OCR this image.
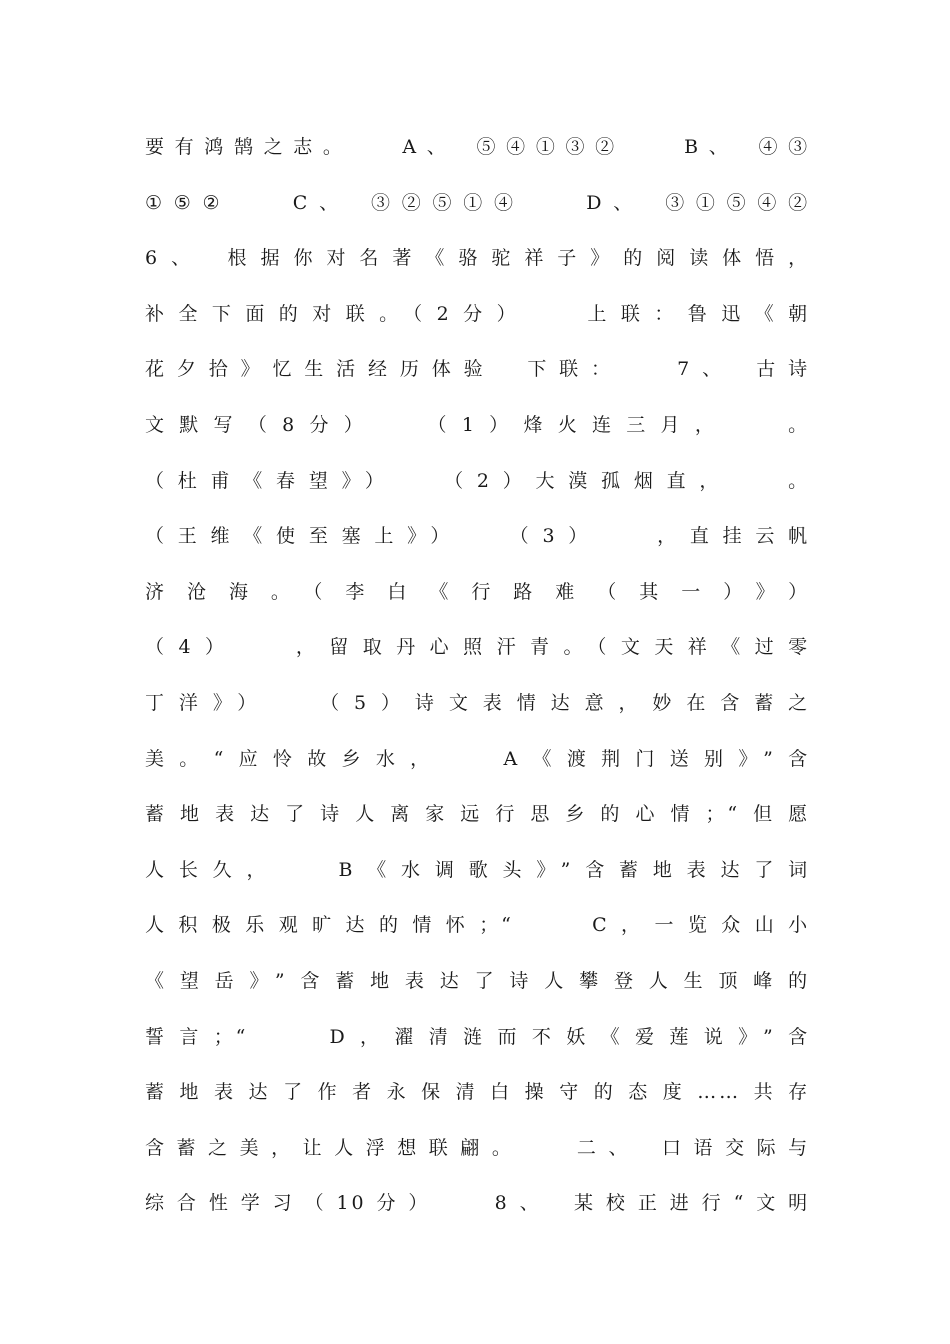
要有鸿鹄之志。　　A、　⑤④①③②　　B、　④③
①⑤②　　C、　③②⑤①④　　D、　③①⑤④②
6、　根据你对名著《骆驼祥子》的阅读体悟，
补全下面的对联。（2分）　　上联：鲁迅《朝
花夕拾》忆生活经历体验　下联：　　7、　古诗
文默写（8分）　　（1）烽火连三月，　　。
（杜甫《春望》）　　（2）大漠孤烟直，　　。
（王维《使至塞上》）　　（3）　　，直挂云帆
济沧海。（李白《行路难（其一）》）
（4）　　，留取丹心照汗青。（文天祥《过零
丁洋》）　　（5）诗文表情达意，妙在含蓄之
美。“应怜故乡水，　　A《渡荆门送别》”含
蓄地表达了诗人离家远行思乡的心情；“但愿
人长久，　　B《水调歌头》”含蓄地表达了词
人积极乐观旷达的情怀；“　　C，一览众山小
《望岳》”含蓄地表达了诗人攀登人生顶峰的
誓言；“　　D，濯清涟而不妖《爱莲说》”含
蓄地表达了作者永保清白操守的态度……共存
含蓄之美，让人浮想联翩。　　二、　口语交际与
综合性学习（10分）　　8、　某校正进行“文明
